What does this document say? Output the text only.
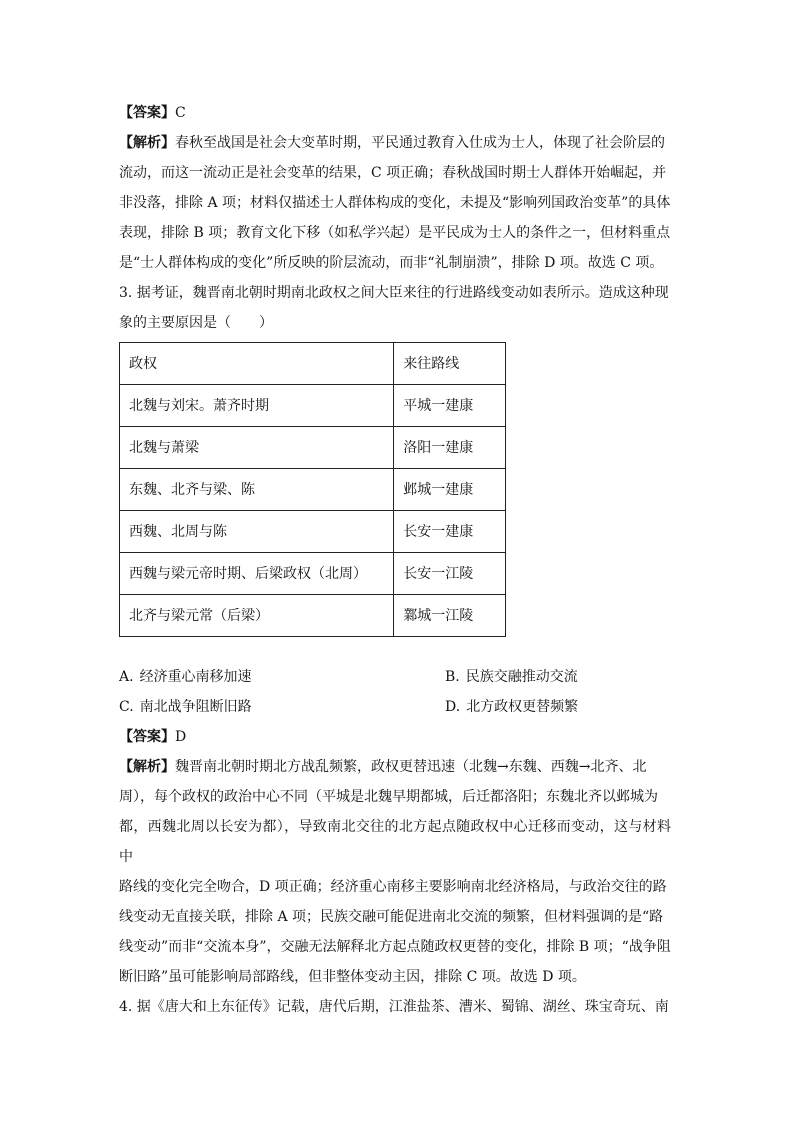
【答案】C

【解析】春秋至战国是社会大变革时期，平民通过教育入仕成为士人，体现了社会阶层的
流动，而这一流动正是社会变革的结果，C 项正确；春秋战国时期士人群体开始崛起，并
非没落，排除 A 项；材料仅描述士人群体构成的变化，未提及“影响列国政治变革”的具体
表现，排除 B 项；教育文化下移（如私学兴起）是平民成为士人的条件之一，但材料重点
是“士人群体构成的变化”所反映的阶层流动，而非“礼制崩溃”，排除 D 项。故选 C 项。

3. 据考证，魏晋南北朝时期南北政权之间大臣来往的行进路线变动如表所示。造成这种现
象的主要原因是（　　）

政权	来往路线
北魏与刘宋。萧齐时期	平城一建康
北魏与萧梁	洛阳一建康
东魏、北齐与梁、陈	邺城一建康
西魏、北周与陈	长安一建康
西魏与梁元帝时期、后梁政权（北周）	长安一江陵
北齐与梁元常（后梁）	鄴城一江陵
A. 经济重心南移加速	B. 民族交融推动交流
C. 南北战争阻断旧路	D. 北方政权更替频繁

【答案】D

【解析】魏晋南北朝时期北方战乱频繁，政权更替迅速（北魏→东魏、西魏→北齐、北
周），每个政权的政治中心不同（平城是北魏早期都城，后迁都洛阳；东魏北齐以邺城为
都，西魏北周以长安为都），导致南北交往的北方起点随政权中心迁移而变动，这与材料中
路线的变化完全吻合，D 项正确；经济重心南移主要影响南北经济格局，与政治交往的路
线变动无直接关联，排除 A 项；民族交融可能促进南北交流的频繁，但材料强调的是“路
线变动”而非“交流本身”，交融无法解释北方起点随政权更替的变化，排除 B 项；“战争阻
断旧路”虽可能影响局部路线，但非整体变动主因，排除 C 项。故选 D 项。

4. 据《唐大和上东征传》记载，唐代后期，江淮盐茶、漕米、蜀锦、湖丝、珠宝奇玩、南
